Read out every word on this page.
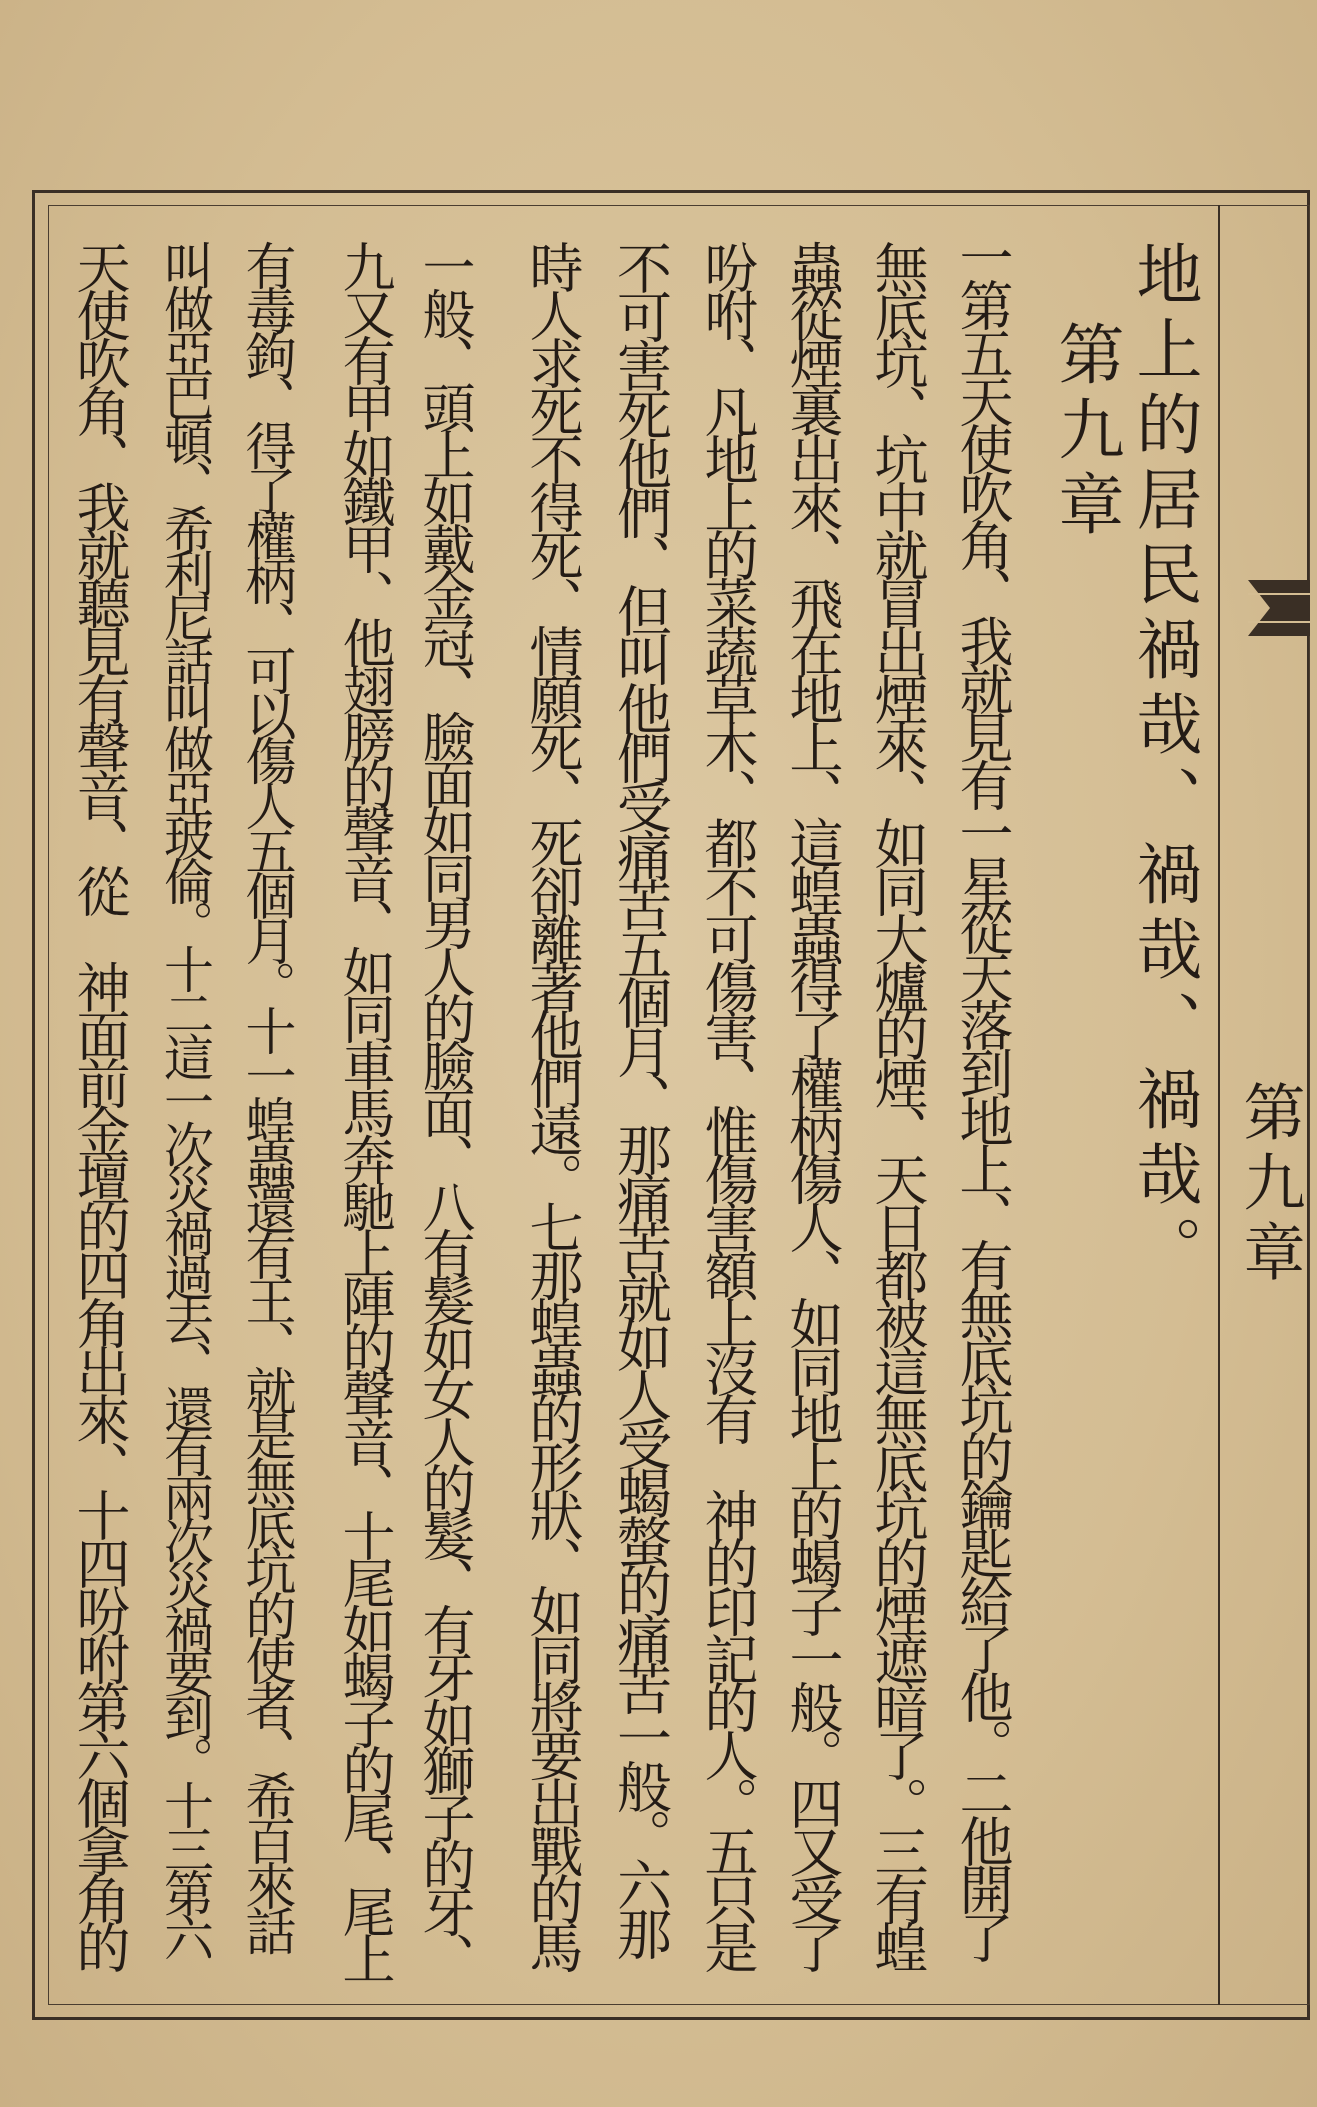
第九章
地上的居民禍哉、禍哉、禍哉。
第九章
一第五天使吹角、我就見有一星從天落到地上、有無底坑的鑰匙給了他。二他開了
無底坑、坑中就冒出煙來、如同大爐的煙、天日都被這無底坑的煙遮暗了。三有蝗
蟲從煙裏出來、飛在地上、這蝗蟲得了權柄傷人、如同地上的蝎子一般。四又受了
吩咐、凡地上的菜蔬草木、都不可傷害、惟傷害額上沒有　神的印記的人。五只是
不可害死他們、但叫他們受痛苦五個月、那痛苦就如人受蝎螫的痛苦一般。六那
時人求死不得死、情願死、死卻離著他們遠。七那蝗蟲的形狀、如同將要出戰的馬
一般、頭上如戴金冠、臉面如同男人的臉面、八有髮如女人的髮、有牙如獅子的牙、
九又有甲如鐵甲、他翅膀的聲音、如同車馬奔馳上陣的聲音、十尾如蝎子的尾、尾上
有毒鉤、得了權柄、可以傷人五個月。十一蝗蟲還有王、就是無底坑的使者、希百來話
叫做亞巴頓、希利尼話叫做亞玻倫。十二這一次災禍過去、還有兩次災禍要到。十三第六
天使吹角、我就聽見有聲音、從　神面前金壇的四角出來、十四吩咐第六個拿角的
